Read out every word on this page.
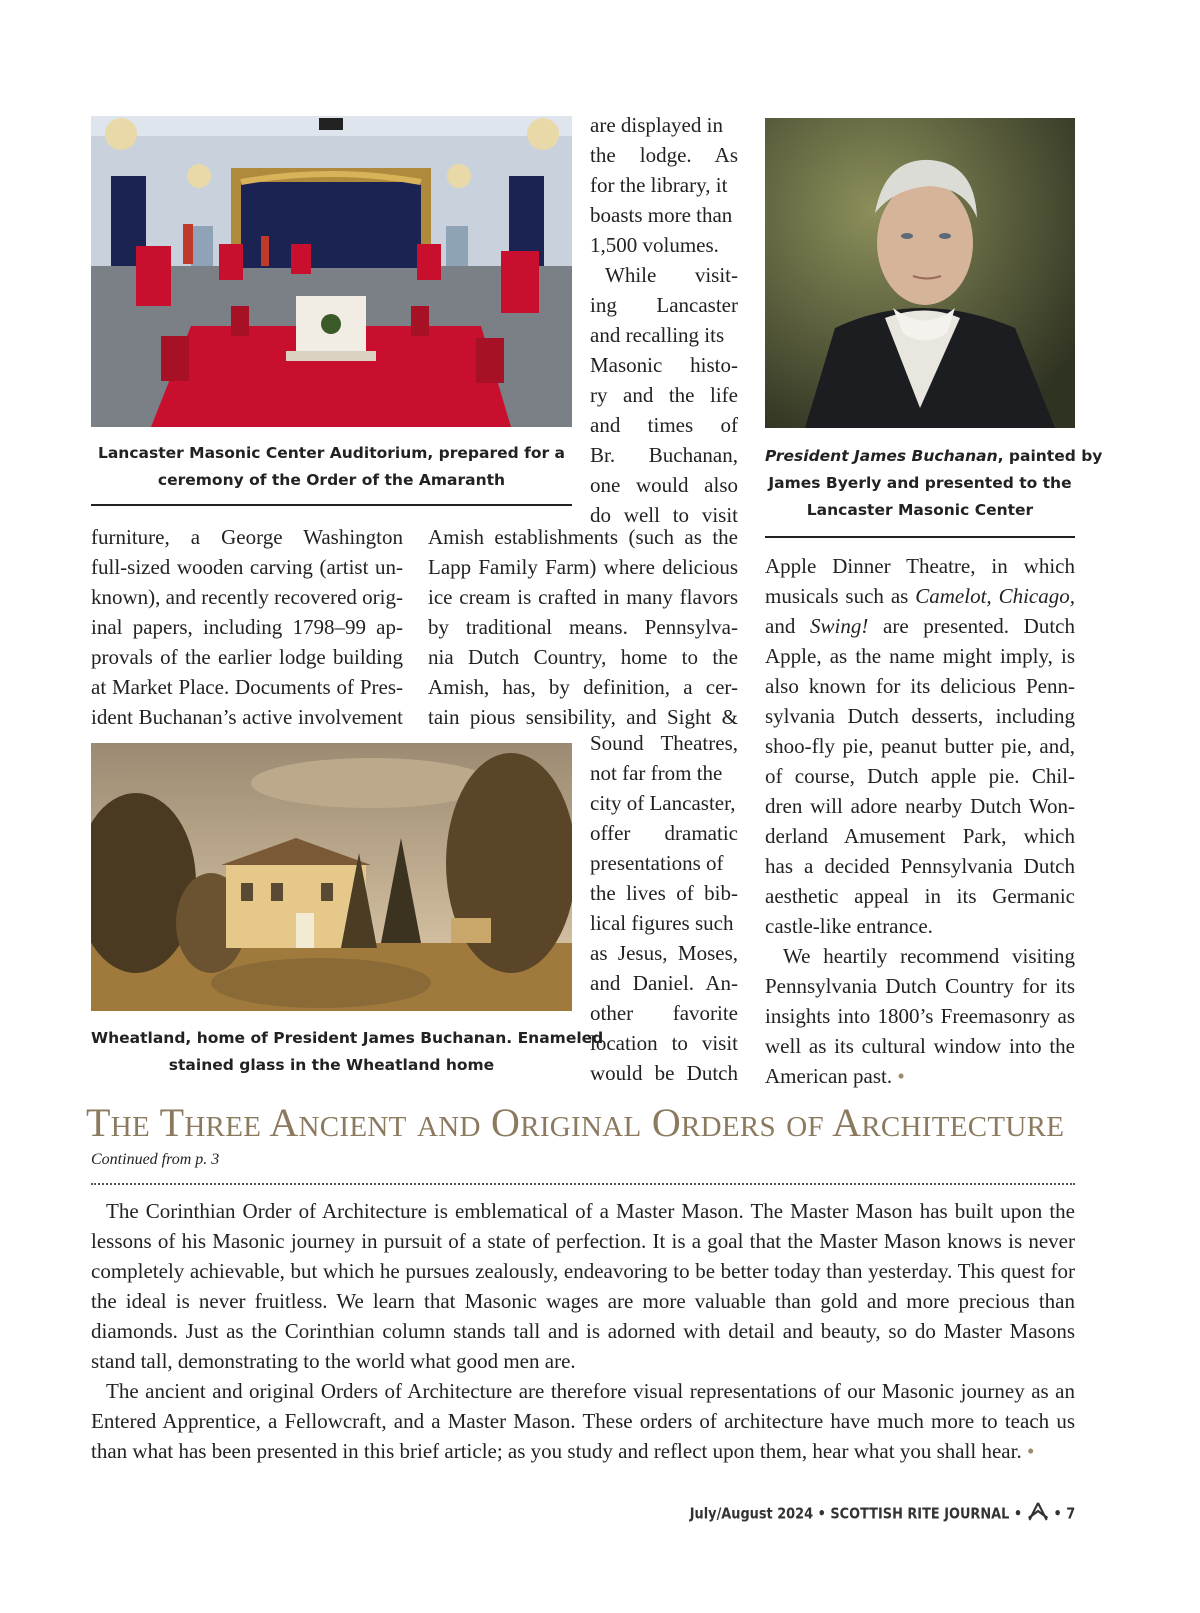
Lancaster Masonic Center Auditorium, prepared for a
ceremony of the Order of the Amaranth
are displayed in
the lodge. As
for the library, it
boasts more than
1,500 volumes.
While visit-
ing Lancaster
and recalling its
Masonic histo-
ry and the life
and times of
Br. Buchanan,
one would also
do well to visit
President James Buchanan, painted by
James Byerly and presented to the
Lancaster Masonic Center
furniture, a George Washington
full-sized wooden carving (artist un-
known), and recently recovered orig-
inal papers, including 1798–99 ap-
provals of the earlier lodge building
at Market Place. Documents of Pres-
ident Buchanan’s active involvement
Amish establishments (such as the
Lapp Family Farm) where delicious
ice cream is crafted in many flavors
by traditional means. Pennsylva-
nia Dutch Country, home to the
Amish, has, by definition, a cer-
tain pious sensibility, and Sight &
Wheatland, home of President James Buchanan. Enameled
stained glass in the Wheatland home
Sound Theatres,
not far from the
city of Lancaster,
offer dramatic
presentations of
the lives of bib-
lical figures such
as Jesus, Moses,
and Daniel. An-
other favorite
location to visit
would be Dutch
Apple Dinner Theatre, in which
musicals such as Camelot, Chicago,
and Swing! are presented. Dutch
Apple, as the name might imply, is
also known for its delicious Penn-
sylvania Dutch desserts, including
shoo-fly pie, peanut butter pie, and,
of course, Dutch apple pie. Chil-
dren will adore nearby Dutch Won-
derland Amusement Park, which
has a decided Pennsylvania Dutch
aesthetic appeal in its Germanic
castle-like entrance.
We heartily recommend visiting
Pennsylvania Dutch Country for its
insights into 1800’s Freemasonry as
well as its cultural window into the
American past. •
THE THREE ANCIENT AND ORIGINAL ORDERS OF ARCHITECTURE
Continued from p. 3

The Corinthian Order of Architecture is emblematical of a Master Mason. The Master Mason has built upon the lessons of his Masonic journey in pursuit of a state of perfection. It is a goal that the Master Mason knows is never completely achievable, but which he pursues zealously, endeavoring to be better today than yesterday. This quest for the ideal is never fruitless. We learn that Masonic wages are more valuable than gold and more precious than diamonds. Just as the Corinthian column stands tall and is adorned with detail and beauty, so do Master Masons stand tall, demonstrating to the world what good men are.

The ancient and original Orders of Architecture are therefore visual representations of our Masonic journey as an Entered Apprentice, a Fellowcraft, and a Master Mason. These orders of architecture have much more to teach us than what has been presented in this brief article; as you study and reflect upon them, hear what you shall hear. •

July/August 2024 • SCOTTISH RITE JOURNAL • • 7
